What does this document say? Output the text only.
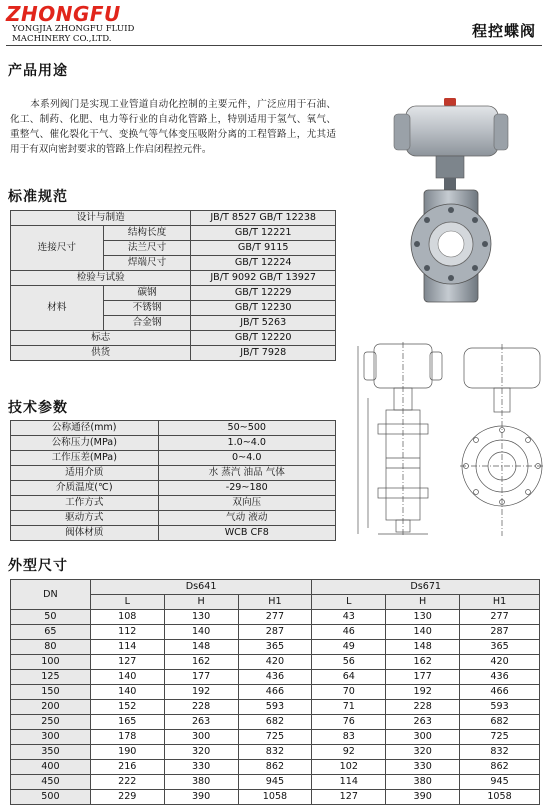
ZHONGFU
YONGJIA ZHONGFU FLUID
MACHINERY CO.,LTD.	程控蝶阀
产品用途
本系列阀门是实现工业管道自动化控制的主要元件，广泛应用于石油、化工、制药、化肥、电力等行业的自动化管路上，特别适用于氢气、氧气、重整气、催化裂化干气、变换气等气体变压吸附分离的工程管路上，尤其适用于有双向密封要求的管路上作启闭程控元件。
标准规范
设计与制造		JB/T 8527 GB/T 12238
连接尺寸	结构长度	GB/T 12221
	法兰尺寸	GB/T 9115
	焊端尺寸	GB/T 12224
检验与试验		JB/T 9092 GB/T 13927
材料	碳钢	GB/T 12229
	不锈钢	GB/T 12230
	合金钢	JB/T 5263
标志		GB/T 12220
供货		JB/T 7928
技术参数
公称通径(mm)	50~500
公称压力(MPa)	1.0~4.0
工作压差(MPa)	0~4.0
适用介质	水 蒸汽 油品 气体
介质温度(℃)	-29~180
工作方式	双向压
驱动方式	气动 液动
阀体材质	WCB CF8
外型尺寸
DN	Ds641			Ds671		
	L	H	H1	L	H	H1
50	108	130	277	43	130	277
65	112	140	287	46	140	287
80	114	148	365	49	148	365
100	127	162	420	56	162	420
125	140	177	436	64	177	436
150	140	192	466	70	192	466
200	152	228	593	71	228	593
250	165	263	682	76	263	682
300	178	300	725	83	300	725
350	190	320	832	92	320	832
400	216	330	862	102	330	862
450	222	380	945	114	380	945
500	229	390	1058	127	390	1058
